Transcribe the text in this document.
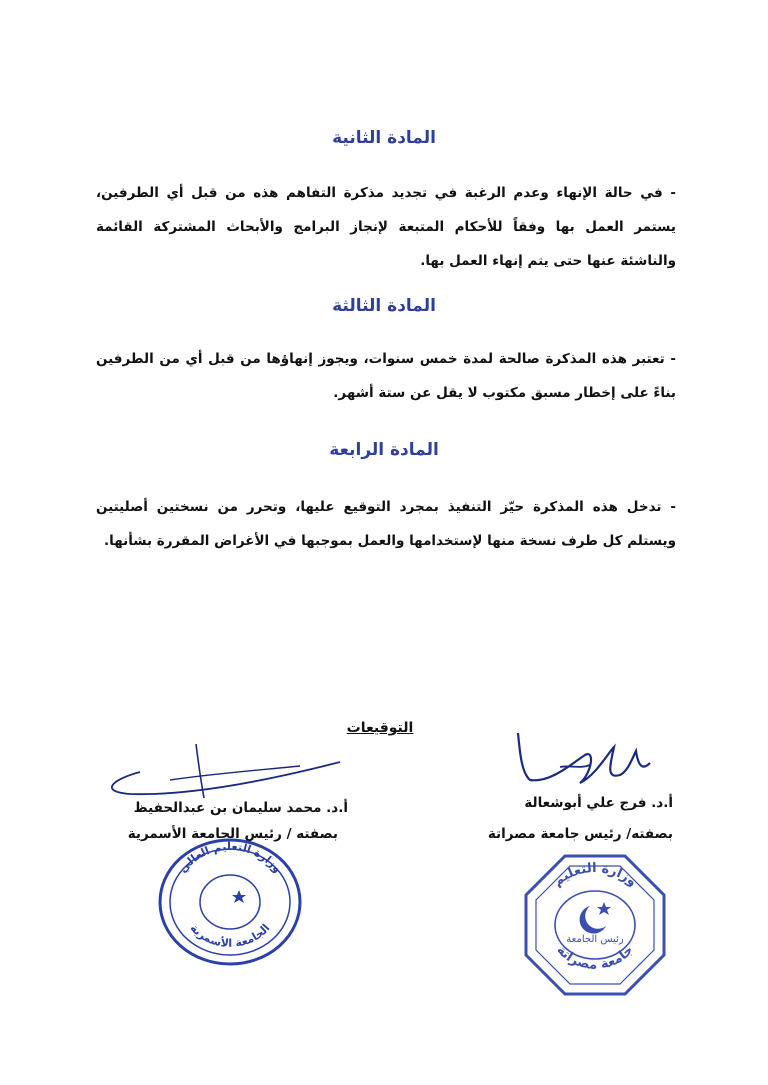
المادة الثانية
- في حالة الإنهاء وعدم الرغبة في تجديد مذكرة التفاهم هذه من قبل أي الطرفين، يستمر العمل بها وفقاً للأحكام المتبعة لإنجاز البرامج والأبحاث المشتركة القائمة والناشئة عنها حتى يتم إنهاء العمل بها.
المادة الثالثة
- تعتبر هذه المذكرة صالحة لمدة خمس سنوات، ويجوز إنهاؤها من قبل أي من الطرفين بناءً على إخطار مسبق مكتوب لا يقل عن ستة أشهر.
المادة الرابعة
- تدخل هذه المذكرة حيّز التنفيذ بمجرد التوقيع عليها، وتحرر من نسختين أصليتين ويستلم كل طرف نسخة منها لإستخدامها والعمل بموجبها في الأغراض المقررة بشأنها.
التوقيعات
أ.د. فرج علي أبوشعالة
بصفته/ رئيس جامعة مصراتة
أ.د. محمد سليمان بن عبدالحفيظ
بصفته / رئيس الجامعة الأسمرية
وزارة التعليم العالي
الجامعة الأسمرية
رئيس الجامعة
وزارة التعليم
جامعة مصراتة
